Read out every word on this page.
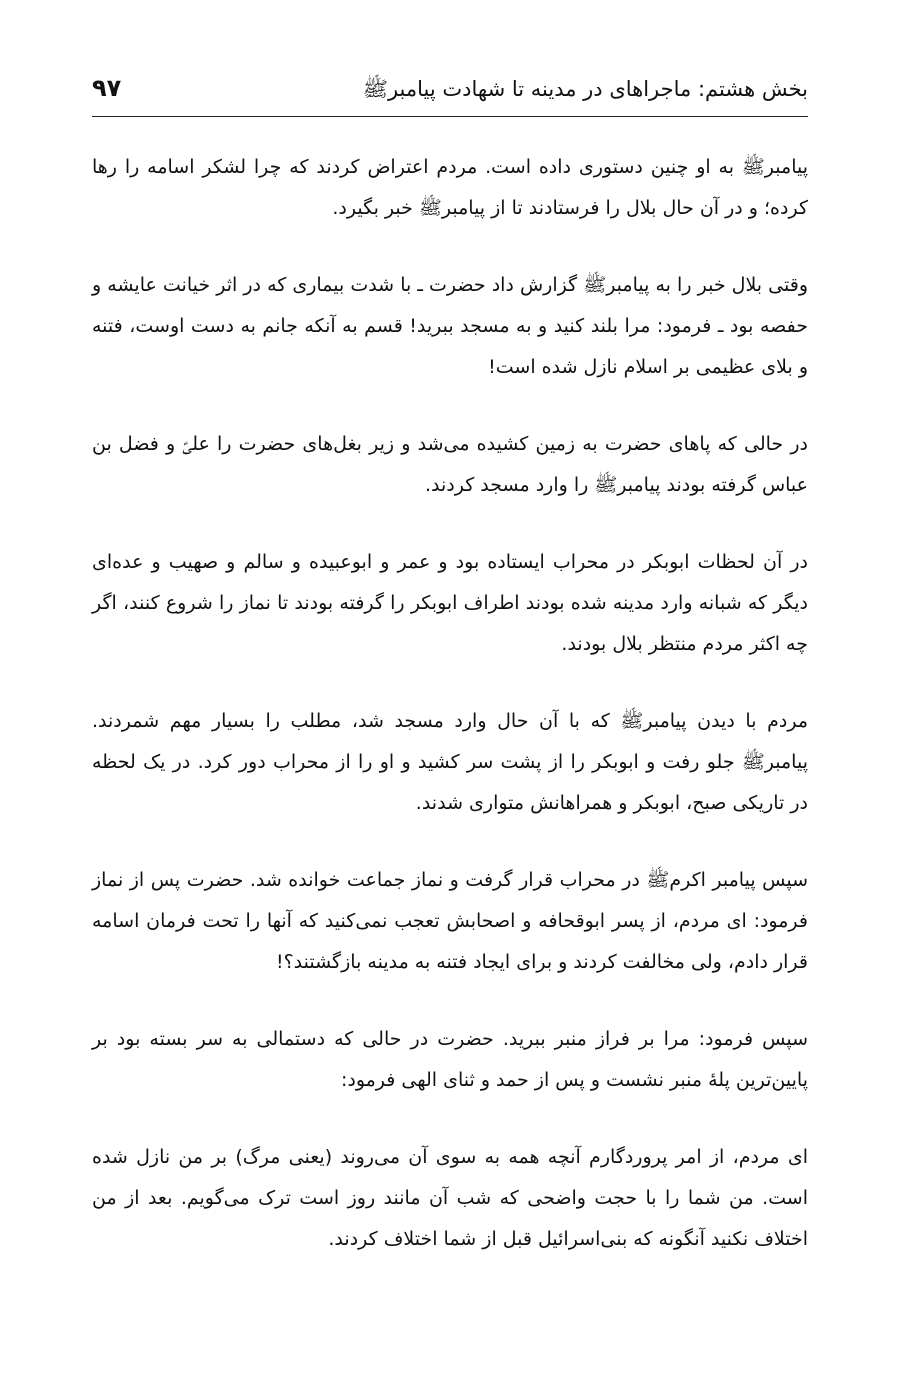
بخش هشتم: ماجراهای در مدینه تا شهادت پیامبرﷺ
۹۷

پیامبرﷺ به او چنین دستوری داده است. مردم اعتراض کردند که چرا لشکر اسامه را رها کرده؛ و در آن حال بلال را فرستادند تا از پیامبرﷺ خبر بگیرد.

وقتی بلال خبر را به پیامبرﷺ گزارش داد حضرت ـ با شدت بیماری که در اثر خیانت عایشه و حفصه بود ـ فرمود: مرا بلند کنید و به مسجد ببرید! قسم به آنکه جانم به دست اوست، فتنه و بلای عظیمی بر اسلام نازل شده است!

در حالی که پاهای حضرت به زمین کشیده می‌شد و زیر بغل‌های حضرت را علیؑ و فضل بن عباس گرفته بودند پیامبرﷺ را وارد مسجد کردند.

در آن لحظات ابوبکر در محراب ایستاده بود و عمر و ابوعبیده و سالم و صهیب و عده‌ای دیگر که شبانه وارد مدینه شده بودند اطراف ابوبکر را گرفته بودند تا نماز را شروع کنند، اگر چه اکثر مردم منتظر بلال بودند.

مردم با دیدن پیامبرﷺ که با آن حال وارد مسجد شد، مطلب را بسیار مهم شمردند. پیامبرﷺ جلو رفت و ابوبکر را از پشت سر کشید و او را از محراب دور کرد. در یک لحظه در تاریکی صبح، ابوبکر و همراهانش متواری شدند.

سپس پیامبر اکرمﷺ در محراب قرار گرفت و نماز جماعت خوانده شد. حضرت پس از نماز فرمود: ای مردم، از پسر ابوقحافه و اصحابش تعجب نمی‌کنید که آنها را تحت فرمان اسامه قرار دادم، ولی مخالفت کردند و برای ایجاد فتنه به مدینه بازگشتند؟!

سپس فرمود: مرا بر فراز منبر ببرید. حضرت در حالی که دستمالی به سر بسته بود بر پایین‌ترین پلهٔ منبر نشست و پس از حمد و ثنای الهی فرمود:

ای مردم، از امر پروردگارم آنچه همه به سوی آن می‌روند (یعنی مرگ) بر من نازل شده است. من شما را با حجت واضحی که شب آن مانند روز است ترک می‌گویم. بعد از من اختلاف نکنید آنگونه که بنی‌اسرائیل قبل از شما اختلاف کردند.
